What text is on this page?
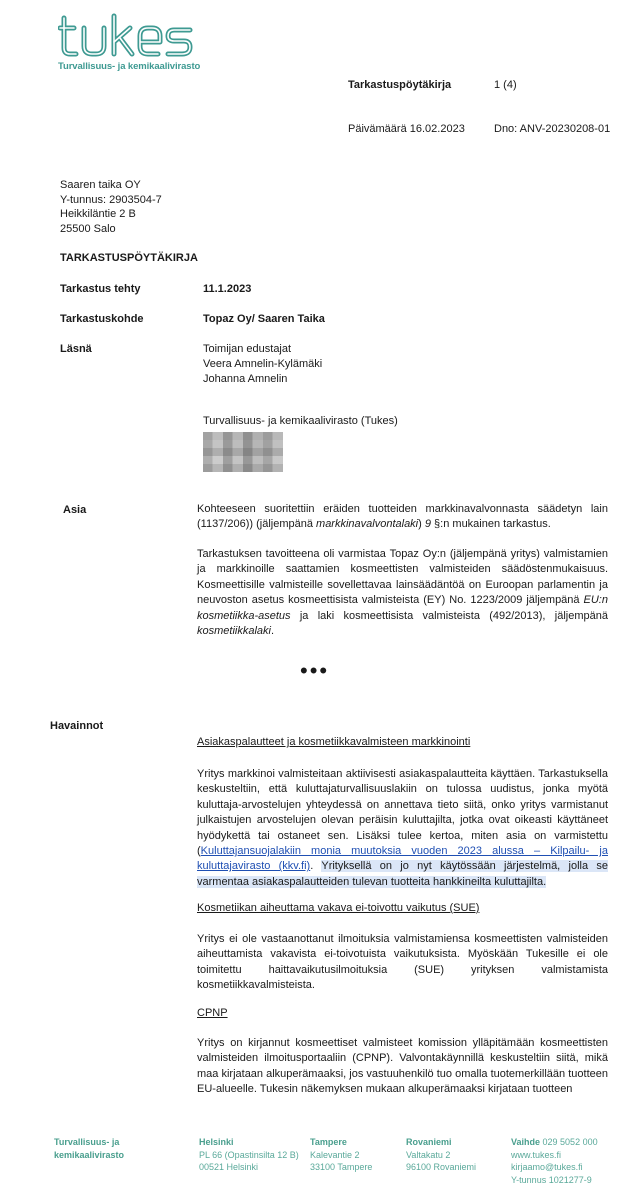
Turvallisuus- ja kemikaalivirasto
Tarkastuspöytäkirja	1 (4)
Päivämäärä 16.02.2023	Dno: ANV-20230208-01
Saaren taika OY
Y-tunnus: 2903504-7
Heikkiläntie 2 B
25500 Salo
TARKASTUSPÖYTÄKIRJA
Tarkastus tehty	11.1.2023
Tarkastuskohde	Topaz Oy/ Saaren Taika
Läsnä	Toimijan edustajat
Veera Amnelin-Kylämäki
Johanna Amnelin
Turvallisuus- ja kemikaalivirasto (Tukes)
Asia	Kohteeseen suoritettiin eräiden tuotteiden markkinavalvonnasta säädetyn lain (1137/206)) (jäljempänä markkinavalvontalaki) 9 §:n mukainen tarkastus.
Tarkastuksen tavoitteena oli varmistaa Topaz Oy:n (jäljempänä yritys) valmistamien ja markkinoille saattamien kosmeettisten valmisteiden säädöstenmukaisuus. Kosmeettisille valmisteille sovellettavaa lainsäädäntöä on Euroopan parlamentin ja neuvoston asetus kosmeettisista valmisteista (EY) No. 1223/2009 jäljempänä EU:n kosmetiikka-asetus ja laki kosmeettisista valmisteista (492/2013), jäljempänä kosmetiikkalaki.
•••
Havainnot
Asiakaspalautteet ja kosmetiikkavalmisteen markkinointi
Yritys markkinoi valmisteitaan aktiivisesti asiakaspalautteita käyttäen. Tarkastuksella keskusteltiin, että kuluttajaturvallisuuslakiin on tulossa uudistus, jonka myötä kuluttaja-arvostelujen yhteydessä on annettava tieto siitä, onko yritys varmistanut julkaistujen arvostelujen olevan peräisin kuluttajilta, jotka ovat oikeasti käyttäneet hyödykettä tai ostaneet sen. Lisäksi tulee kertoa, miten asia on varmistettu (Kuluttajansuojalakiin monia muutoksia vuoden 2023 alussa – Kilpailu- ja kuluttajavirasto (kkv.fi). Yrityksellä on jo nyt käytössään järjestelmä, jolla se varmentaa asiakaspalautteiden tulevan tuotteita hankkineilta kuluttajilta.
Kosmetiikan aiheuttama vakava ei-toivottu vaikutus (SUE)
Yritys ei ole vastaanottanut ilmoituksia valmistamiensa kosmeettisten valmisteiden aiheuttamista vakavista ei-toivotuista vaikutuksista. Myöskään Tukesille ei ole toimitettu haittavaikutusilmoituksia (SUE) yrityksen valmistamista kosmetiikkavalmisteista.
CPNP
Yritys on kirjannut kosmeettiset valmisteet komission ylläpitämään kosmeettisten valmisteiden ilmoitusportaaliin (CPNP). Valvontakäynnillä keskusteltiin siitä, mikä maa kirjataan alkuperämaaksi, jos vastuuhenkilö tuo omalla tuotemerkillään tuotteen EU-alueelle. Tukesin näkemyksen mukaan alkuperämaaksi kirjataan tuotteen
Turvallisuus- ja
kemikaalivirasto
Helsinki
PL 66 (Opastinsilta 12 B)
00521 Helsinki
Tampere
Kalevantie 2
33100 Tampere
Rovaniemi
Valtakatu 2
96100 Rovaniemi
Vaihde 029 5052 000
www.tukes.fi
kirjaamo@tukes.fi
Y-tunnus 1021277-9
